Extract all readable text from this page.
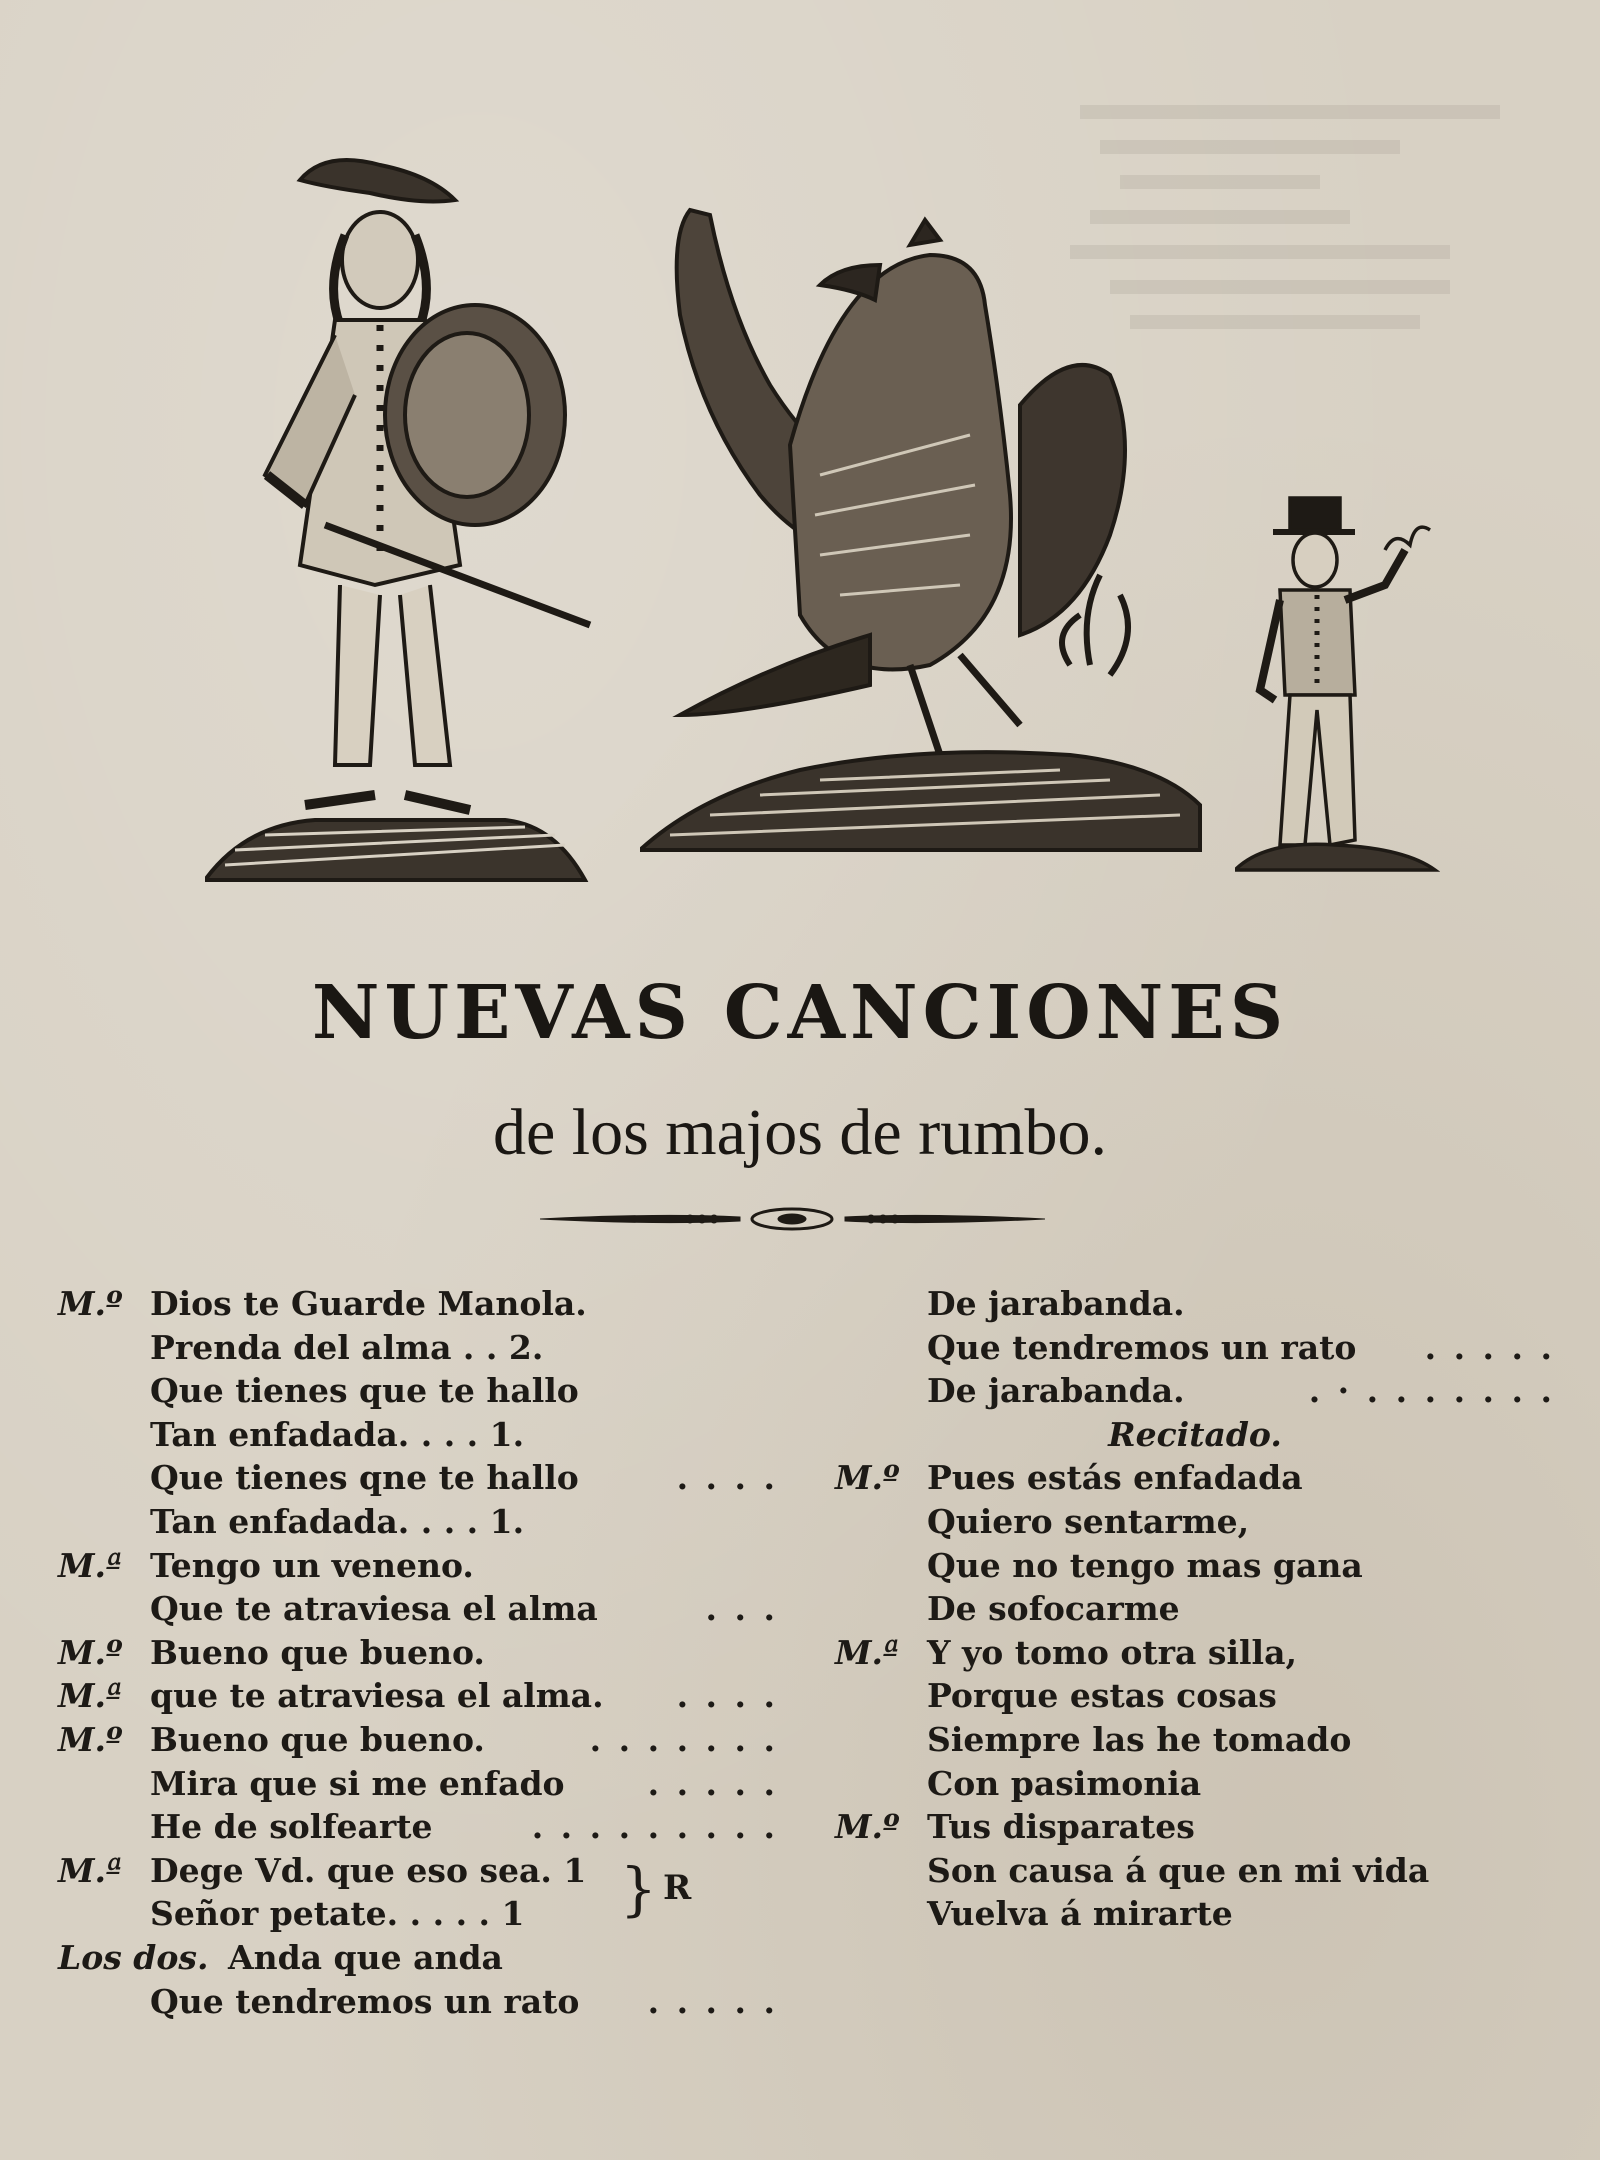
NUEVAS CANCIONES
de los majos de rumbo.
M.º Dios te Guarde Manola.
Prenda del alma . . 2.
Que tienes que te hallo
Tan enfadada. . . . 1.
Que tienes qne te hallo	. . . .
Tan enfadada. . . . 1.
M.ª Tengo un veneno.
Que te atraviesa el alma	. . .
M.º Bueno que bueno.
M.ª que te atraviesa el alma. . . . .
M.º Bueno que bueno.	. . . . . . .
Mira que si me enfado	. . . . .
He de solfearte	. . . . . . . . .
M.ª Dege Vd. que eso sea. 1
Señor petate. . . . . 1
Los dos. Anda que anda
Que tendremos un rato . . . . .
} R
De jarabanda.
Que tendremos un rato . . . . .
De jarabanda.	. · . . . . . . .
Recitado.
M.º Pues estás enfadada
Quiero sentarme,
Que no tengo mas gana
De sofocarme
M.ª Y yo tomo otra silla,
Porque estas cosas
Siempre las he tomado
Con pasimonia
M.º Tus disparates
Son causa á que en mi vida
Vuelva á mirarte
